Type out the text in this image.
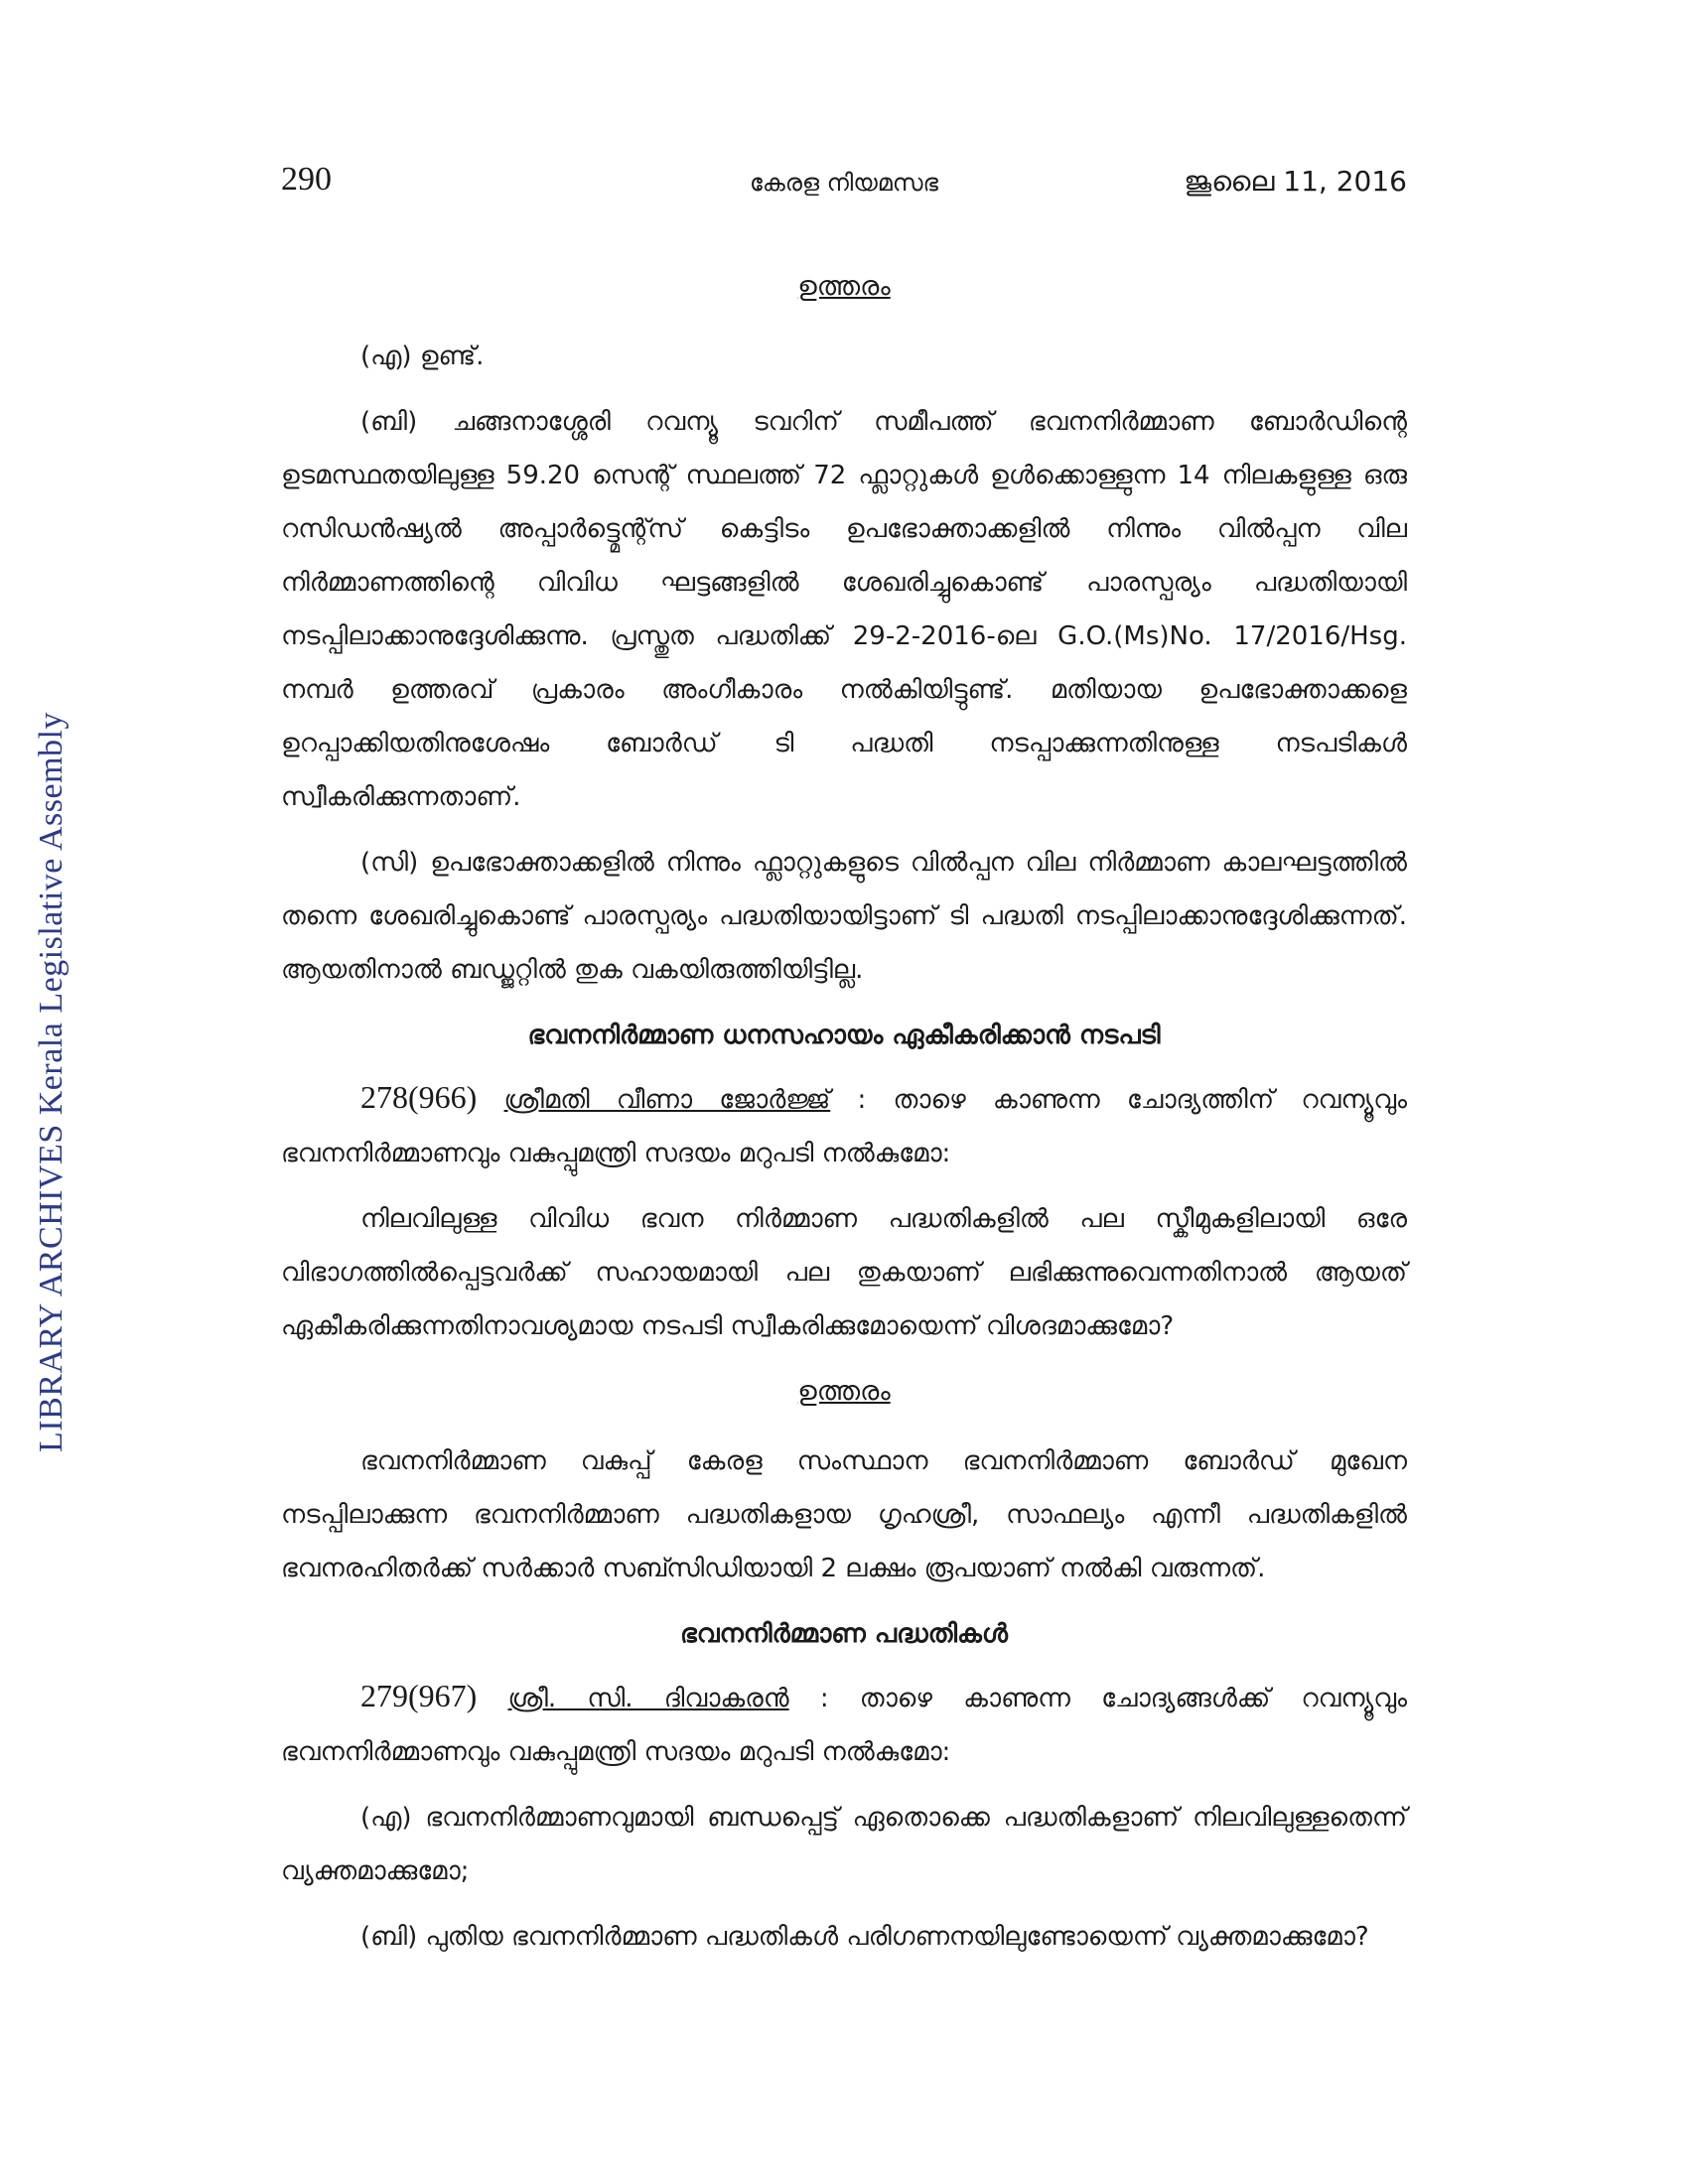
LIBRARY ARCHIVES Kerala Legislative Assembly
290	കേരള നിയമസഭ	ജൂലൈ 11, 2016
ഉത്തരം

(എ) ഉണ്ട്.

(ബി) ചങ്ങനാശ്ശേരി റവന്യൂ ടവറിന് സമീപത്ത് ഭവനനിർമ്മാണ ബോർഡിന്റെ ഉടമസ്ഥതയിലുള്ള 59.20 സെന്റ് സ്ഥലത്ത് 72 ഫ്ലാറ്റുകൾ ഉൾക്കൊള്ളുന്ന 14 നിലകളുള്ള ഒരു റസിഡൻഷ്യൽ അപ്പാർട്ട്മെന്റ്സ് കെട്ടിടം ഉപഭോക്താക്കളിൽ നിന്നും വിൽപ്പന വില നിർമ്മാണത്തിന്റെ വിവിധ ഘട്ടങ്ങളിൽ ശേഖരിച്ചുകൊണ്ട് പാരസ്പര്യം പദ്ധതിയായി നടപ്പിലാക്കാനുദ്ദേശിക്കുന്നു. പ്രസ്തുത പദ്ധതിക്ക് 29-2-2016-ലെ G.O.(Ms)No. 17/2016/Hsg. നമ്പർ ഉത്തരവ് പ്രകാരം അംഗീകാരം നൽകിയിട്ടുണ്ട്. മതിയായ ഉപഭോക്താക്കളെ ഉറപ്പാക്കിയതിനുശേഷം ബോർഡ് ടി പദ്ധതി നടപ്പാക്കുന്നതിനുള്ള നടപടികൾ സ്വീകരിക്കുന്നതാണ്.

(സി) ഉപഭോക്താക്കളിൽ നിന്നും ഫ്ലാറ്റുകളുടെ വിൽപ്പന വില നിർമ്മാണ കാലഘട്ടത്തിൽ തന്നെ ശേഖരിച്ചുകൊണ്ട് പാരസ്പര്യം പദ്ധതിയായിട്ടാണ് ടി പദ്ധതി നടപ്പിലാക്കാനുദ്ദേശിക്കുന്നത്. ആയതിനാൽ ബഡ്ജറ്റിൽ തുക വകയിരുത്തിയിട്ടില്ല.

ഭവനനിർമ്മാണ ധനസഹായം ഏകീകരിക്കാൻ നടപടി

278(966) ശ്രീമതി വീണാ ജോർജ്ജ് : താഴെ കാണുന്ന ചോദ്യത്തിന് റവന്യൂവും ഭവനനിർമ്മാണവും വകുപ്പുമന്ത്രി സദയം മറുപടി നൽകുമോ:

നിലവിലുള്ള വിവിധ ഭവന നിർമ്മാണ പദ്ധതികളിൽ പല സ്കീമുകളിലായി ഒരേ വിഭാഗത്തിൽപ്പെട്ടവർക്ക് സഹായമായി പല തുകയാണ് ലഭിക്കുന്നുവെന്നതിനാൽ ആയത് ഏകീകരിക്കുന്നതിനാവശ്യമായ നടപടി സ്വീകരിക്കുമോയെന്ന് വിശദമാക്കുമോ?

ഉത്തരം

ഭവനനിർമ്മാണ വകുപ്പ് കേരള സംസ്ഥാന ഭവനനിർമ്മാണ ബോർഡ് മുഖേന നടപ്പിലാക്കുന്ന ഭവനനിർമ്മാണ പദ്ധതികളായ ഗൃഹശ്രീ, സാഫല്യം എന്നീ പദ്ധതികളിൽ ഭവനരഹിതർക്ക് സർക്കാർ സബ്സിഡിയായി 2 ലക്ഷം രൂപയാണ് നൽകി വരുന്നത്.

ഭവനനിർമ്മാണ പദ്ധതികൾ

279(967) ശ്രീ. സി. ദിവാകരൻ : താഴെ കാണുന്ന ചോദ്യങ്ങൾക്ക് റവന്യൂവും ഭവനനിർമ്മാണവും വകുപ്പുമന്ത്രി സദയം മറുപടി നൽകുമോ:

(എ) ഭവനനിർമ്മാണവുമായി ബന്ധപ്പെട്ട് ഏതൊക്കെ പദ്ധതികളാണ് നിലവിലുള്ളതെന്ന് വ്യക്തമാക്കുമോ;

(ബി) പുതിയ ഭവനനിർമ്മാണ പദ്ധതികൾ പരിഗണനയിലുണ്ടോയെന്ന് വ്യക്തമാക്കുമോ?
